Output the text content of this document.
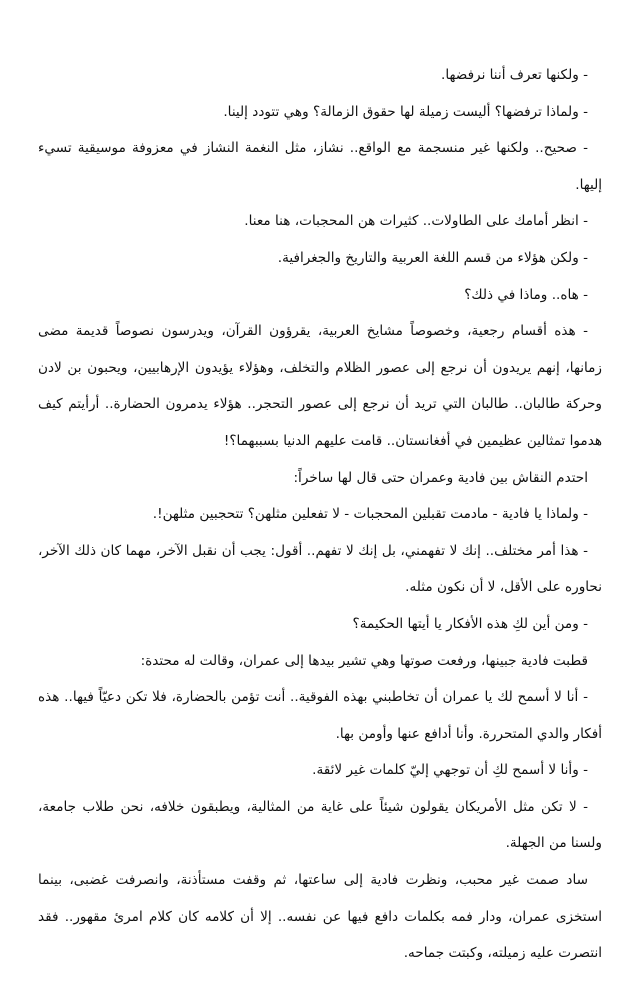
- ولكنها تعرف أننا نرفضها.

- ولماذا ترفضها؟ أليست زميلة لها حقوق الزمالة؟ وهي تتودد إلينا.

- صحيح.. ولكنها غير منسجمة مع الواقع.. نشاز، مثل النغمة النشاز في معزوفة موسيقية تسيء إليها.

- انظر أمامك على الطاولات.. كثيرات هن المحجبات، هنا معنا.

- ولكن هؤلاء من قسم اللغة العربية والتاريخ والجغرافية.

- هاه.. وماذا في ذلك؟

- هذه أقسام رجعية، وخصوصاً مشايخ العربية، يقرؤون القرآن، ويدرسون نصوصاً قديمة مضى زمانها، إنهم يريدون أن نرجع إلى عصور الظلام والتخلف، وهؤلاء يؤيدون الإرهابيين، ويحبون بن لادن وحركة طالبان.. طالبان التي تريد أن نرجع إلى عصور التحجر.. هؤلاء يدمرون الحضارة.. أرأيتم كيف هدموا تمثالين عظيمين في أفغانستان.. قامت عليهم الدنيا بسببهما؟!

احتدم النقاش بين فادية وعمران حتى قال لها ساخراً:

- ولماذا يا فادية - مادمت تقبلين المحجبات - لا تفعلين مثلهن؟ تتحجبين مثلهن!.

- هذا أمر مختلف.. إنك لا تفهمني، بل إنك لا تفهم.. أقول: يجب أن نقبل الآخر، مهما كان ذلك الآخر، نحاوره على الأقل، لا أن نكون مثله.

- ومن أين لكِ هذه الأفكار يا أيتها الحكيمة؟

قطبت فادية جبينها، ورفعت صوتها وهي تشير بيدها إلى عمران، وقالت له محتدة:

- أنا لا أسمح لك يا عمران أن تخاطبني بهذه الفوقية.. أنت تؤمن بالحضارة، فلا تكن دعيّاً فيها.. هذه أفكار والدي المتحررة. وأنا أدافع عنها وأومن بها.

- وأنا لا أسمح لكِ أن توجهي إليّ كلمات غير لائقة.

- لا تكن مثل الأمريكان يقولون شيئاً على غاية من المثالية، ويطبقون خلافه، نحن طلاب جامعة، ولسنا من الجهلة.

ساد صمت غير محبب، ونظرت فادية إلى ساعتها، ثم وقفت مستأذنة، وانصرفت غضبى، بينما استخزى عمران، ودار فمه بكلمات دافع فيها عن نفسه.. إلا أن كلامه كان كلام امرئ مقهور.. فقد انتصرت عليه زميلته، وكبتت جماحه.
